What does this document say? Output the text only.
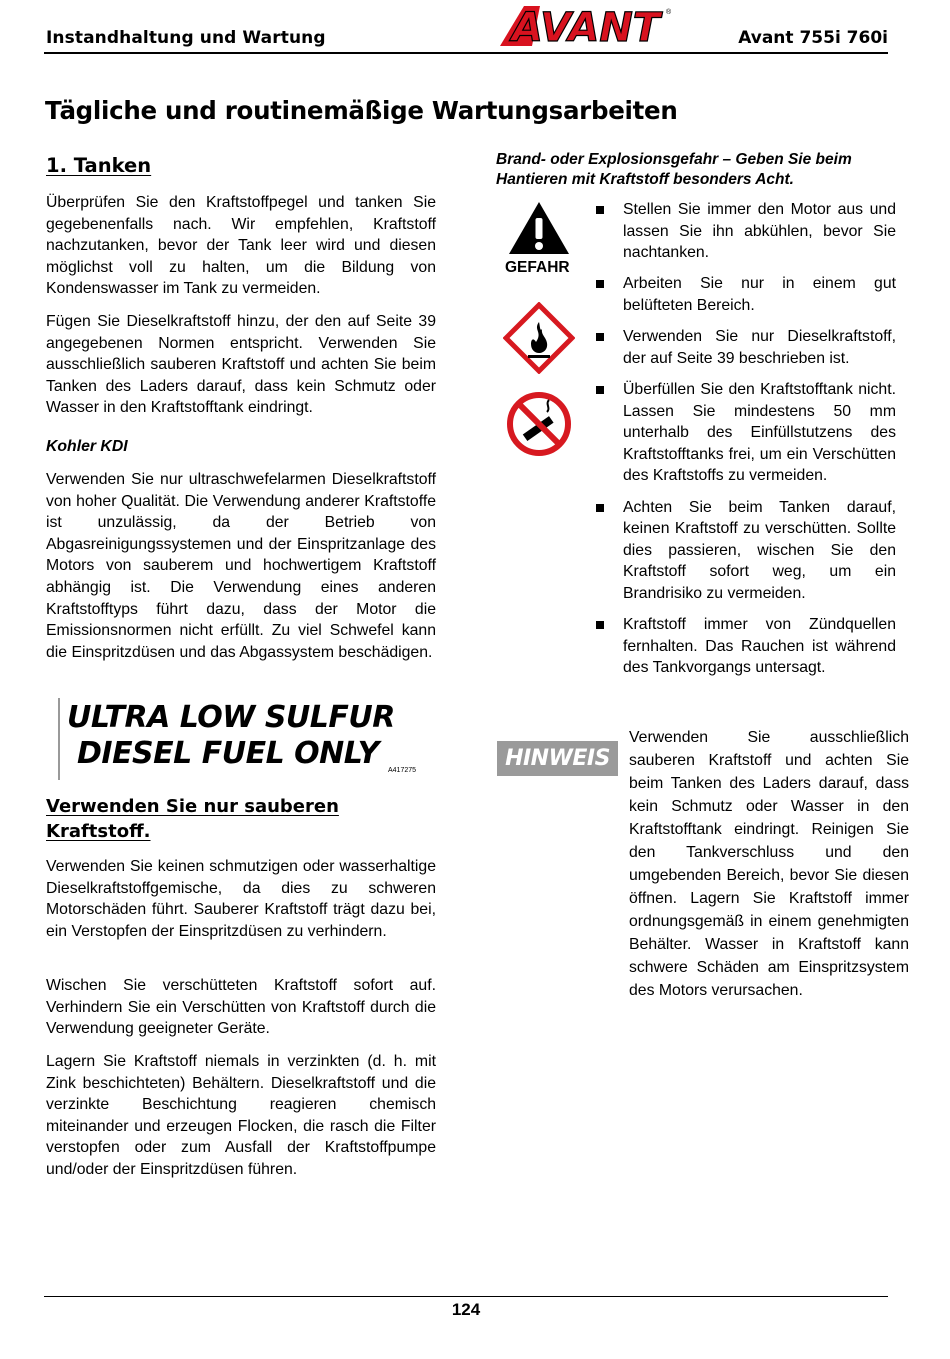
Instandhaltung und Wartung	AVANT ®
Avant 755i 760i
Tägliche und routinemäßige Wartungsarbeiten
1. Tanken

Überprüfen Sie den Kraftstoffpegel und tanken Sie gegebenenfalls nach. Wir empfehlen, Kraftstoff nachzutanken, bevor der Tank leer wird und diesen möglichst voll zu halten, um die Bildung von Kondenswasser im Tank zu vermeiden.

Fügen Sie Dieselkraftstoff hinzu, der den auf Seite 39 angegebenen Normen entspricht. Verwenden Sie ausschließlich sauberen Kraftstoff und achten Sie beim Tanken des Laders darauf, dass kein Schmutz oder Wasser in den Kraftstofftank eindringt.

Kohler KDI

Verwenden Sie nur ultraschwefelarmen Dieselkraftstoff von hoher Qualität. Die Verwendung anderer Kraftstoffe ist unzulässig, da der Betrieb von Abgasreinigungssystemen und der Einspritzanlage des Motors von sauberem und hochwertigem Kraftstoff abhängig ist. Die Verwendung eines anderen Kraftstofftyps führt dazu, dass der Motor die Emissionsnormen nicht erfüllt. Zu viel Schwefel kann die Einspritzdüsen und das Abgassystem beschädigen.

ULTRA LOW SULFUR
DIESEL FUEL ONLY A417275
Verwenden Sie nur sauberen Kraftstoff.

Verwenden Sie keinen schmutzigen oder wasserhaltige Dieselkraftstoffgemische, da dies zu schweren Motorschäden führt. Sauberer Kraftstoff trägt dazu bei, ein Verstopfen der Einspritzdüsen zu verhindern.

Wischen Sie verschütteten Kraftstoff sofort auf. Verhindern Sie ein Verschütten von Kraftstoff durch die Verwendung geeigneter Geräte.

Lagern Sie Kraftstoff niemals in verzinkten (d. h. mit Zink beschichteten) Behältern. Dieselkraftstoff und die verzinkte Beschichtung reagieren chemisch miteinander und erzeugen Flocken, die rasch die Filter verstopfen oder zum Ausfall der Kraftstoffpumpe und/oder der Einspritzdüsen führen.

Brand- oder Explosionsgefahr – Geben Sie beim Hantieren mit Kraftstoff besonders Acht.
GEFAHR
Stellen Sie immer den Motor aus und lassen Sie ihn abkühlen, bevor Sie nachtanken.
Arbeiten Sie nur in einem gut belüfteten Bereich.
Verwenden Sie nur Dieselkraftstoff, der auf Seite 39 beschrieben ist.
Überfüllen Sie den Kraftstofftank nicht. Lassen Sie mindestens 50 mm unterhalb des Einfüllstutzens des Kraftstofftanks frei, um ein Verschütten des Kraftstoffs zu vermeiden.
Achten Sie beim Tanken darauf, keinen Kraftstoff zu verschütten. Sollte dies passieren, wischen Sie den Kraftstoff sofort weg, um ein Brandrisiko zu vermeiden.
Kraftstoff immer von Zündquellen fernhalten. Das Rauchen ist während des Tankvorgangs untersagt.
HINWEIS

Verwenden Sie ausschließlich sauberen Kraftstoff und achten Sie beim Tanken des Laders darauf, dass kein Schmutz oder Wasser in den Kraftstofftank eindringt. Reinigen Sie den Tankverschluss und den umgebenden Bereich, bevor Sie diesen öffnen. Lagern Sie Kraftstoff immer ordnungsgemäß in einem genehmigten Behälter. Wasser in Kraftstoff kann schwere Schäden am Einspritzsystem des Motors verursachen.

124
